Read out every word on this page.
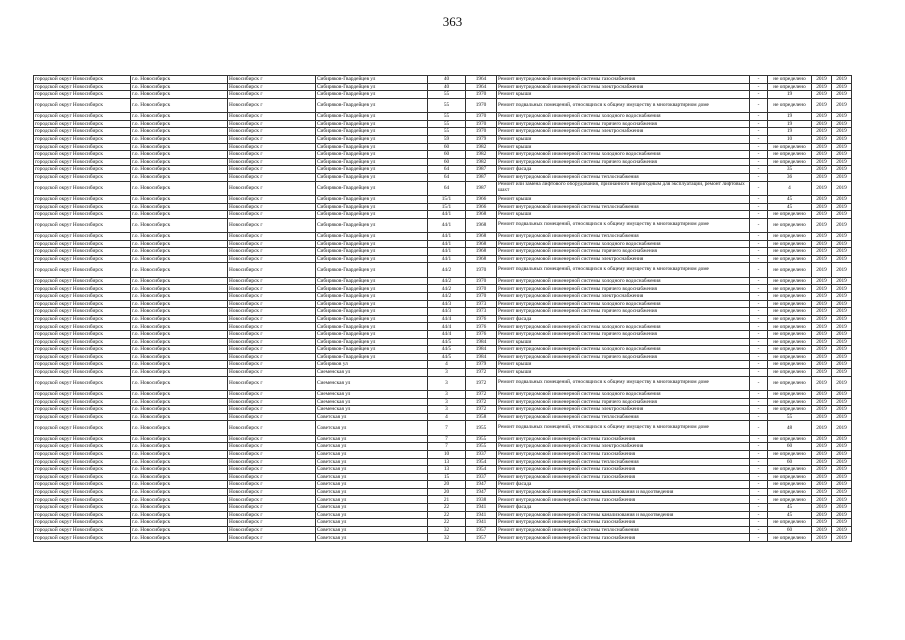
363
городской округ Новосибирск	г.о. Новосибирск	Новосибирск г	Сибиряков-Гвардейцев ул	40	1964	Ремонт внутридомовой инженерной системы газоснабжения	-	не определено	2019	2019
городской округ Новосибирск	г.о. Новосибирск	Новосибирск г	Сибиряков-Гвардейцев ул	40	1964	Ремонт внутридомовой инженерной системы электроснабжения	-	не определено	2019	2019
городской округ Новосибирск	г.о. Новосибирск	Новосибирск г	Сибиряков-Гвардейцев ул	55	1970	Ремонт крыши	-	19	2019	2019
городской округ Новосибирск	г.о. Новосибирск	Новосибирск г	Сибиряков-Гвардейцев ул	55	1970	Ремонт подвальных помещений, относящихся к общему имуществу в многоквартирном доме	-	не определено	2019	2019
городской округ Новосибирск	г.о. Новосибирск	Новосибирск г	Сибиряков-Гвардейцев ул	55	1970	Ремонт внутридомовой инженерной системы холодного водоснабжения	-	19	2019	2019
городской округ Новосибирск	г.о. Новосибирск	Новосибирск г	Сибиряков-Гвардейцев ул	55	1970	Ремонт внутридомовой инженерной системы горячего водоснабжения	-	19	2019	2019
городской округ Новосибирск	г.о. Новосибирск	Новосибирск г	Сибиряков-Гвардейцев ул	55	1970	Ремонт внутридомовой инженерной системы электроснабжения	-	19	2019	2019
городской округ Новосибирск	г.о. Новосибирск	Новосибирск г	Сибиряков-Гвардейцев ул	59	1979	Ремонт крыши	-	10	2019	2019
городской округ Новосибирск	г.о. Новосибирск	Новосибирск г	Сибиряков-Гвардейцев ул	60	1982	Ремонт крыши	-	не определено	2019	2019
городской округ Новосибирск	г.о. Новосибирск	Новосибирск г	Сибиряков-Гвардейцев ул	60	1982	Ремонт внутридомовой инженерной системы холодного водоснабжения	-	не определено	2019	2019
городской округ Новосибирск	г.о. Новосибирск	Новосибирск г	Сибиряков-Гвардейцев ул	60	1982	Ремонт внутридомовой инженерной системы горячего водоснабжения	-	не определено	2019	2019
городской округ Новосибирск	г.о. Новосибирск	Новосибирск г	Сибиряков-Гвардейцев ул	64	1987	Ремонт фасада	-	35	2019	2019
городской округ Новосибирск	г.о. Новосибирск	Новосибирск г	Сибиряков-Гвардейцев ул	64	1987	Ремонт внутридомовой инженерной системы теплоснабжения	-	36	2019	2019
городской округ Новосибирск	г.о. Новосибирск	Новосибирск г	Сибиряков-Гвардейцев ул	64	1987	Ремонт или замена лифтового оборудования, признанного непригодным для эксплуатации, ремонт лифтовых шахт	-	4	2019	2019
городской округ Новосибирск	г.о. Новосибирск	Новосибирск г	Сибиряков-Гвардейцев ул	15/1	1966	Ремонт крыши	-	45	2019	2019
городской округ Новосибирск	г.о. Новосибирск	Новосибирск г	Сибиряков-Гвардейцев ул	15/1	1966	Ремонт внутридомовой инженерной системы теплоснабжения	-	45	2019	2019
городской округ Новосибирск	г.о. Новосибирск	Новосибирск г	Сибиряков-Гвардейцев ул	44/1	1968	Ремонт крыши	-	не определено	2019	2019
городской округ Новосибирск	г.о. Новосибирск	Новосибирск г	Сибиряков-Гвардейцев ул	44/1	1968	Ремонт подвальных помещений, относящихся к общему имуществу в многоквартирном доме	-	не определено	2019	2019
городской округ Новосибирск	г.о. Новосибирск	Новосибирск г	Сибиряков-Гвардейцев ул	44/1	1968	Ремонт внутридомовой инженерной системы теплоснабжения	-	не определено	2019	2019
городской округ Новосибирск	г.о. Новосибирск	Новосибирск г	Сибиряков-Гвардейцев ул	44/1	1968	Ремонт внутридомовой инженерной системы холодного водоснабжения	-	не определено	2019	2019
городской округ Новосибирск	г.о. Новосибирск	Новосибирск г	Сибиряков-Гвардейцев ул	44/1	1968	Ремонт внутридомовой инженерной системы горячего водоснабжения	-	не определено	2019	2019
городской округ Новосибирск	г.о. Новосибирск	Новосибирск г	Сибиряков-Гвардейцев ул	44/1	1968	Ремонт внутридомовой инженерной системы электроснабжения	-	не определено	2019	2019
городской округ Новосибирск	г.о. Новосибирск	Новосибирск г	Сибиряков-Гвардейцев ул	44/2	1970	Ремонт подвальных помещений, относящихся к общему имуществу в многоквартирном доме	-	не определено	2019	2019
городской округ Новосибирск	г.о. Новосибирск	Новосибирск г	Сибиряков-Гвардейцев ул	44/2	1970	Ремонт внутридомовой инженерной системы холодного водоснабжения	-	не определено	2019	2019
городской округ Новосибирск	г.о. Новосибирск	Новосибирск г	Сибиряков-Гвардейцев ул	44/2	1970	Ремонт внутридомовой инженерной системы горячего водоснабжения	-	не определено	2019	2019
городской округ Новосибирск	г.о. Новосибирск	Новосибирск г	Сибиряков-Гвардейцев ул	44/2	1970	Ремонт внутридомовой инженерной системы электроснабжения	-	не определено	2019	2019
городской округ Новосибирск	г.о. Новосибирск	Новосибирск г	Сибиряков-Гвардейцев ул	44/3	1973	Ремонт внутридомовой инженерной системы холодного водоснабжения	-	не определено	2019	2019
городской округ Новосибирск	г.о. Новосибирск	Новосибирск г	Сибиряков-Гвардейцев ул	44/3	1973	Ремонт внутридомовой инженерной системы горячего водоснабжения	-	не определено	2019	2019
городской округ Новосибирск	г.о. Новосибирск	Новосибирск г	Сибиряков-Гвардейцев ул	44/4	1976	Ремонт фасада	-	не определено	2019	2019
городской округ Новосибирск	г.о. Новосибирск	Новосибирск г	Сибиряков-Гвардейцев ул	44/4	1976	Ремонт внутридомовой инженерной системы холодного водоснабжения	-	не определено	2019	2019
городской округ Новосибирск	г.о. Новосибирск	Новосибирск г	Сибиряков-Гвардейцев ул	44/4	1976	Ремонт внутридомовой инженерной системы горячего водоснабжения	-	не определено	2019	2019
городской округ Новосибирск	г.о. Новосибирск	Новосибирск г	Сибиряков-Гвардейцев ул	44/5	1984	Ремонт крыши	-	не определено	2019	2019
городской округ Новосибирск	г.о. Новосибирск	Новосибирск г	Сибиряков-Гвардейцев ул	44/5	1984	Ремонт внутридомовой инженерной системы холодного водоснабжения	-	не определено	2019	2019
городской округ Новосибирск	г.о. Новосибирск	Новосибирск г	Сибиряков-Гвардейцев ул	44/5	1984	Ремонт внутридомовой инженерной системы горячего водоснабжения	-	не определено	2019	2019
городской округ Новосибирск	г.о. Новосибирск	Новосибирск г	Сибиряков ул	4	1979	Ремонт крыши	-	не определено	2019	2019
городской округ Новосибирск	г.о. Новосибирск	Новосибирск г	Сиеменская ул	3	1972	Ремонт крыши	-	не определено	2019	2019
городской округ Новосибирск	г.о. Новосибирск	Новосибирск г	Сиеменская ул	3	1972	Ремонт подвальных помещений, относящихся к общему имуществу в многоквартирном доме	-	не определено	2019	2019
городской округ Новосибирск	г.о. Новосибирск	Новосибирск г	Сиеменская ул	3	1972	Ремонт внутридомовой инженерной системы холодного водоснабжения	-	не определено	2019	2019
городской округ Новосибирск	г.о. Новосибирск	Новосибирск г	Сиеменская ул	3	1972	Ремонт внутридомовой инженерной системы горячего водоснабжения	-	не определено	2019	2019
городской округ Новосибирск	г.о. Новосибирск	Новосибирск г	Сиеменская ул	3	1972	Ремонт внутридомовой инженерной системы электроснабжения	-	не определено	2019	2019
городской округ Новосибирск	г.о. Новосибирск	Новосибирск г	Советская ул	4	1958	Ремонт внутридомовой инженерной системы теплоснабжения	-	55	2019	2019
городской округ Новосибирск	г.о. Новосибирск	Новосибирск г	Советская ул	7	1955	Ремонт подвальных помещений, относящихся к общему имуществу в многоквартирном доме	-	48	2019	2019
городской округ Новосибирск	г.о. Новосибирск	Новосибирск г	Советская ул	7	1955	Ремонт внутридомовой инженерной системы газоснабжения	-	не определено	2019	2019
городской округ Новосибирск	г.о. Новосибирск	Новосибирск г	Советская ул	7	1955	Ремонт внутридомовой инженерной системы электроснабжения	-	60	2019	2019
городской округ Новосибирск	г.о. Новосибирск	Новосибирск г	Советская ул	10	1937	Ремонт внутридомовой инженерной системы газоснабжения	-	не определено	2019	2019
городской округ Новосибирск	г.о. Новосибирск	Новосибирск г	Советская ул	13	1954	Ремонт внутридомовой инженерной системы теплоснабжения	-	60	2019	2019
городской округ Новосибирск	г.о. Новосибирск	Новосибирск г	Советская ул	13	1954	Ремонт внутридомовой инженерной системы газоснабжения	-	не определено	2019	2019
городской округ Новосибирск	г.о. Новосибирск	Новосибирск г	Советская ул	15	1937	Ремонт внутридомовой инженерной системы газоснабжения	-	не определено	2019	2019
городской округ Новосибирск	г.о. Новосибирск	Новосибирск г	Советская ул	20	1947	Ремонт фасада	-	не определено	2019	2019
городской округ Новосибирск	г.о. Новосибирск	Новосибирск г	Советская ул	20	1947	Ремонт внутридомовой инженерной системы канализования и водоотведения	-	не определено	2019	2019
городской округ Новосибирск	г.о. Новосибирск	Новосибирск г	Советская ул	21	1938	Ремонт внутридомовой инженерной системы газоснабжения	-	не определено	2019	2019
городской округ Новосибирск	г.о. Новосибирск	Новосибирск г	Советская ул	22	1941	Ремонт фасада	-	45	2019	2019
городской округ Новосибирск	г.о. Новосибирск	Новосибирск г	Советская ул	22	1941	Ремонт внутридомовой инженерной системы канализования и водоотведения	-	45	2019	2019
городской округ Новосибирск	г.о. Новосибирск	Новосибирск г	Советская ул	22	1941	Ремонт внутридомовой инженерной системы газоснабжения	-	не определено	2019	2019
городской округ Новосибирск	г.о. Новосибирск	Новосибирск г	Советская ул	32	1957	Ремонт внутридомовой инженерной системы теплоснабжения	-	60	2019	2019
городской округ Новосибирск	г.о. Новосибирск	Новосибирск г	Советская ул	32	1957	Ремонт внутридомовой инженерной системы газоснабжения	-	не определено	2019	2019
